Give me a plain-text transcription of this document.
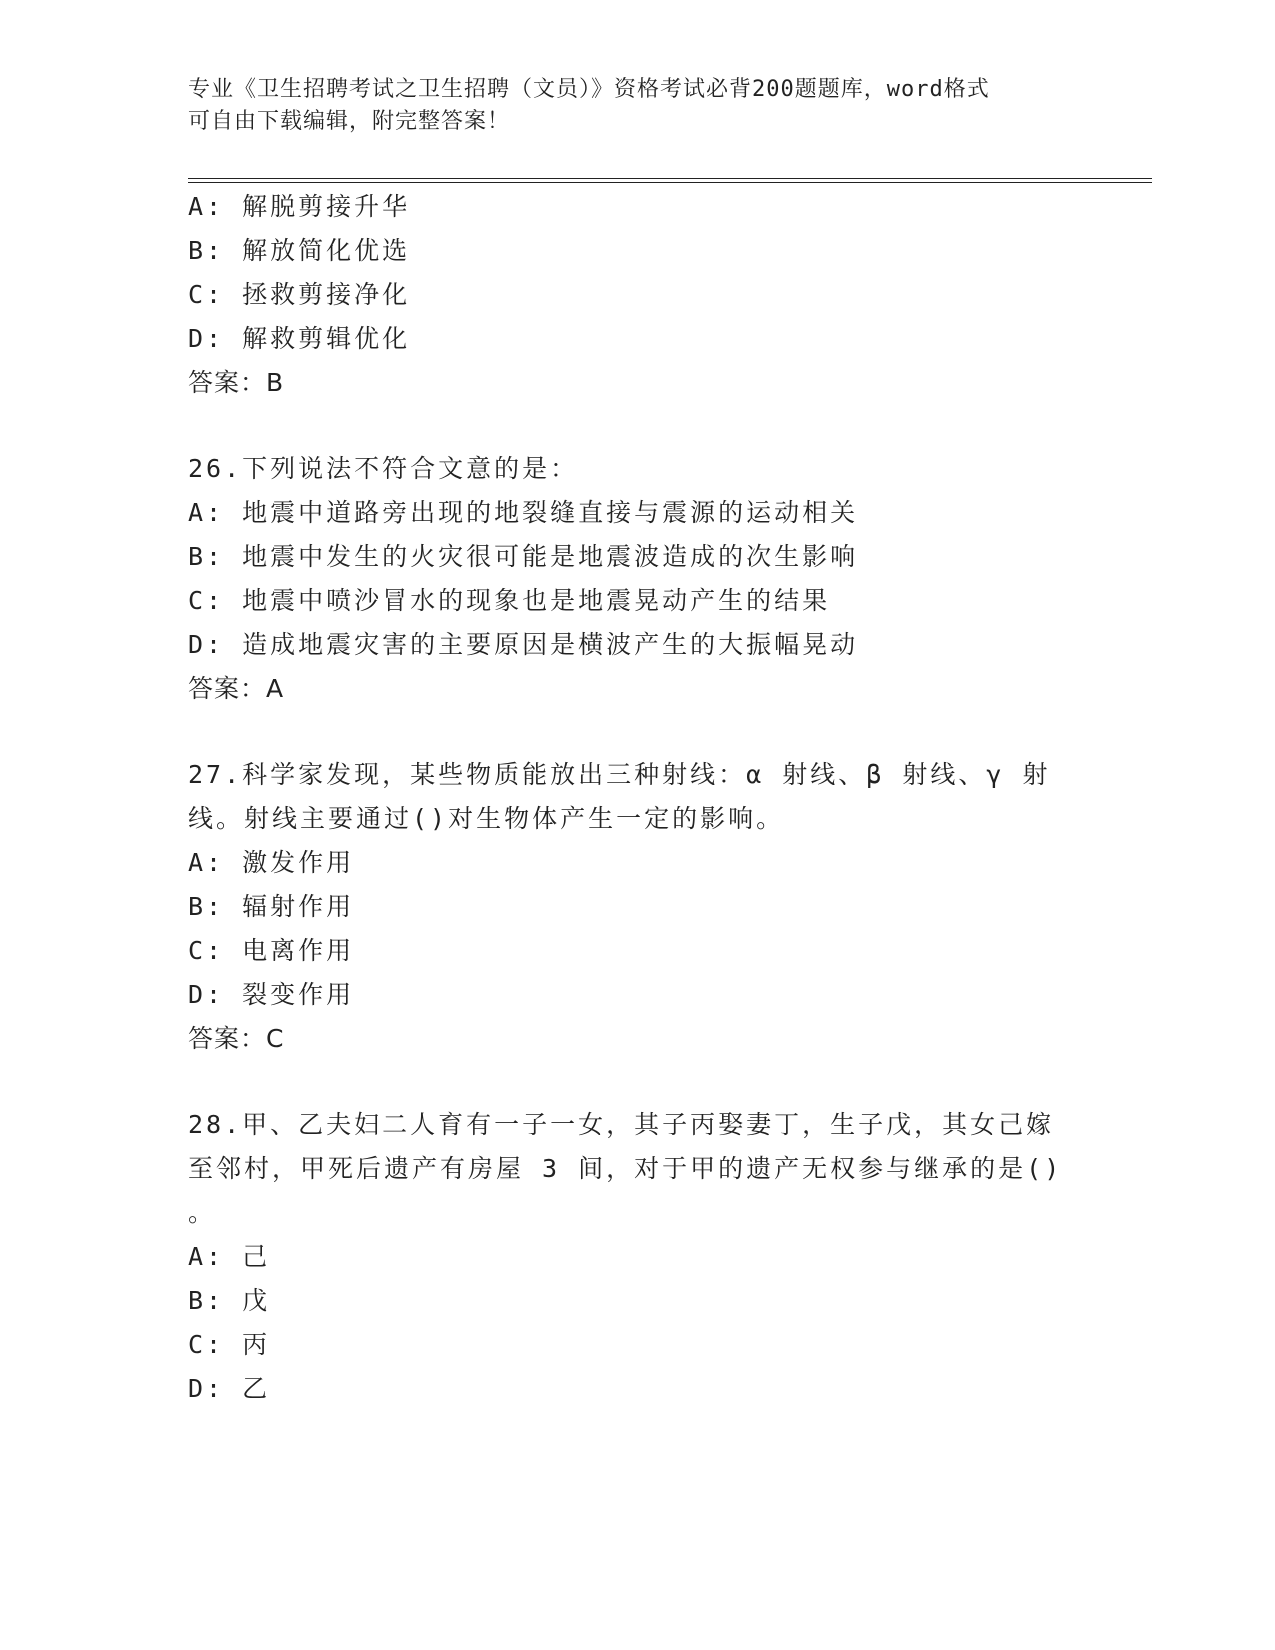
专业《卫生招聘考试之卫生招聘（文员）》资格考试必背200题题库，word格式
可自由下载编辑，附完整答案！
A: 解脱剪接升华
B: 解放简化优选
C: 拯救剪接净化
D: 解救剪辑优化
答案：B
26.下列说法不符合文意的是：
A: 地震中道路旁出现的地裂缝直接与震源的运动相关
B: 地震中发生的火灾很可能是地震波造成的次生影响
C: 地震中喷沙冒水的现象也是地震晃动产生的结果
D: 造成地震灾害的主要原因是横波产生的大振幅晃动
答案：A
27.科学家发现，某些物质能放出三种射线：α 射线、β 射线、γ 射
线。射线主要通过()对生物体产生一定的影响。
A: 激发作用
B: 辐射作用
C: 电离作用
D: 裂变作用
答案：C
28.甲、乙夫妇二人育有一子一女，其子丙娶妻丁，生子戊，其女己嫁
至邻村，甲死后遗产有房屋 3 间，对于甲的遗产无权参与继承的是()
。
A: 己
B: 戊
C: 丙
D: 乙
